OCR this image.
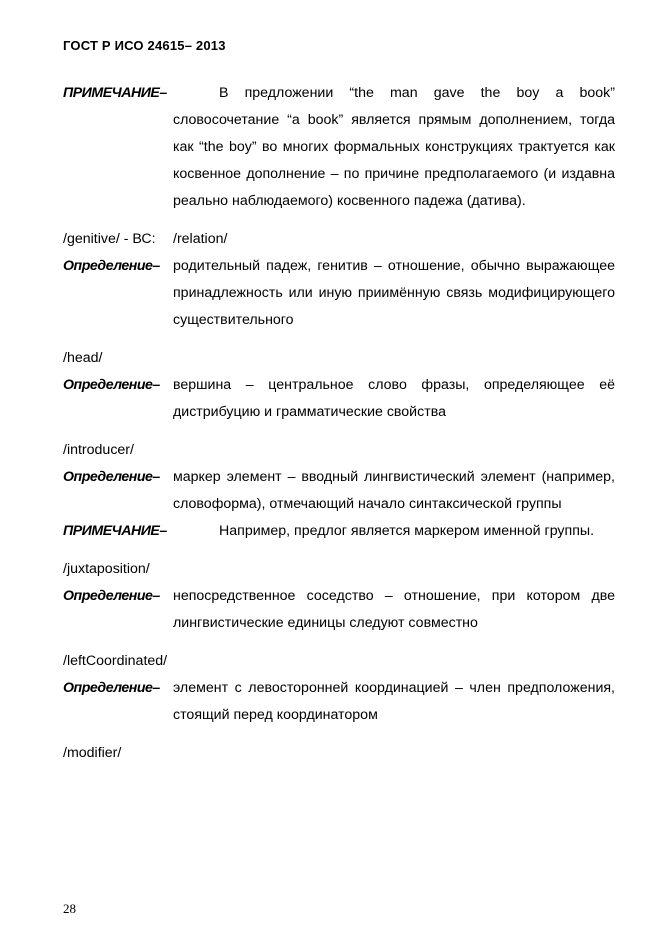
ГОСТ Р ИСО 24615– 2013
ПРИМЕЧАНИЕ–	В предложении “the man gave the boy a book” словосочетание “a book” является прямым дополнением, тогда как “the boy” во многих формальных конструкциях трактуется как косвенное дополнение – по причине предполагаемого (и издавна реально наблюдаемого) косвенного падежа (датива).
/genitive/ - ВС:	/relation/
Определение– родительный падеж, генитив – отношение, обычно выражающее принадлежность или иную приимённую связь модифицирующего существительного
/head/
Определение– вершина – центральное слово фразы, определяющее её дистрибуцию и грамматические свойства
/introducer/
Определение– маркер элемент – вводный лингвистический элемент (например, словоформа), отмечающий начало синтаксической группы
ПРИМЕЧАНИЕ–	Например, предлог является маркером именной группы.
/juxtaposition/
Определение– непосредственное соседство – отношение, при котором две лингвистические единицы следуют совместно
/leftCoordinated/
Определение– элемент с левосторонней координацией – член предположения, стоящий перед координатором
/modifier/
28
